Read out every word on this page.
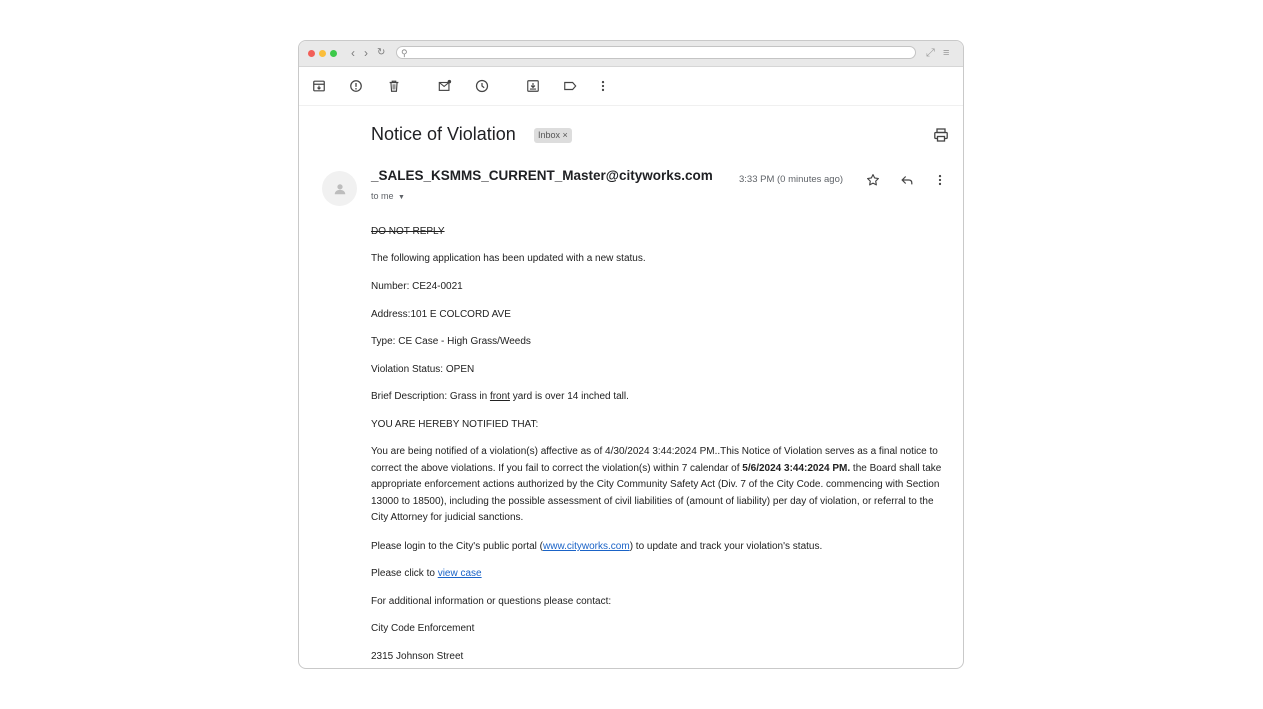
‹ › ↻ ⚲	⤢ ≡
Notice of Violation	Inbox ×
_SALES_KSMMS_CURRENT_Master@cityworks.com
to me ▼
3:33 PM (0 minutes ago)

DO NOT REPLY

The following application has been updated with a new status.

Number: CE24-0021

Address:101 E COLCORD AVE

Type: CE Case - High Grass/Weeds

Violation Status: OPEN

Brief Description: Grass in front yard is over 14 inched tall.

YOU ARE HEREBY NOTIFIED THAT:

You are being notified of a violation(s) affective as of 4/30/2024 3:44:2024 PM..This Notice of Violation serves as a final notice to correct the above violations. If you fail to correct the violation(s) within 7 calendar of 5/6/2024 3:44:2024 PM. the Board shall take appropriate enforcement actions authorized by the City Community Safety Act (Div. 7 of the City Code. commencing with Section 13000 to 18500), including the possible assessment of civil liabilities of (amount of liability) per day of violation, or referral to the City Attorney for judicial sanctions.

Please login to the City's public portal (www.cityworks.com) to update and track your violation's status.

Please click to view case

For additional information or questions please contact:

City Code Enforcement

2315 Johnson Street
